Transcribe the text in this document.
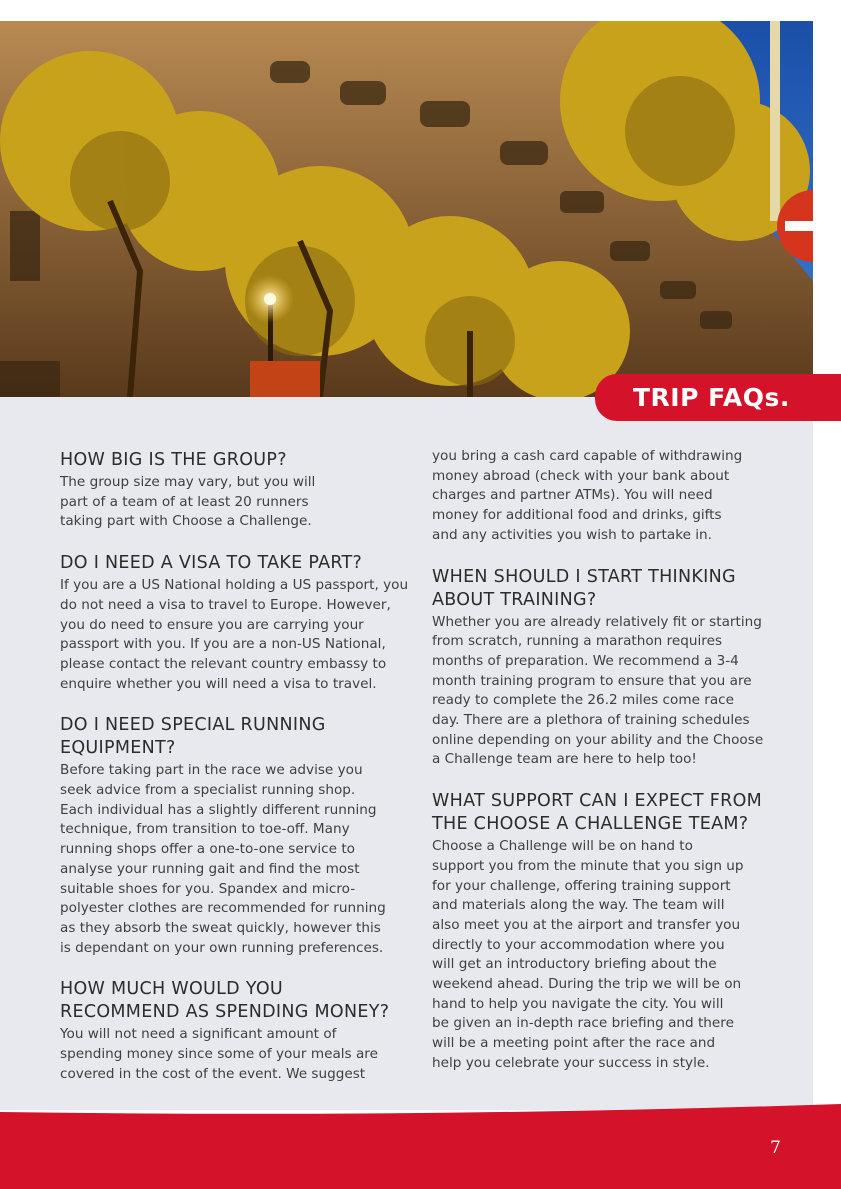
TRIP FAQs.
HOW BIG IS THE GROUP?

The group size may vary, but you will
part of a team of at least 20 runners
taking part with Choose a Challenge.

DO I NEED A VISA TO TAKE PART?

If you are a US National holding a US passport, you
do not need a visa to travel to Europe. However,
you do need to ensure you are carrying your
passport with you. If you are a non-US National,
please contact the relevant country embassy to
enquire whether you will need a visa to travel.

DO I NEED SPECIAL RUNNING
EQUIPMENT?

Before taking part in the race we advise you
seek advice from a specialist running shop.
Each individual has a slightly different running
technique, from transition to toe-off. Many
running shops offer a one-to-one service to
analyse your running gait and find the most
suitable shoes for you. Spandex and micro-
polyester clothes are recommended for running
as they absorb the sweat quickly, however this
is dependant on your own running preferences.

HOW MUCH WOULD YOU
RECOMMEND AS SPENDING MONEY?

You will not need a significant amount of
spending money since some of your meals are
covered in the cost of the event. We suggest

you bring a cash card capable of withdrawing
money abroad (check with your bank about
charges and partner ATMs). You will need
money for additional food and drinks, gifts
and any activities you wish to partake in.

WHEN SHOULD I START THINKING
ABOUT TRAINING?

Whether you are already relatively fit or starting
from scratch, running a marathon requires
months of preparation. We recommend a 3-4
month training program to ensure that you are
ready to complete the 26.2 miles come race
day. There are a plethora of training schedules
online depending on your ability and the Choose
a Challenge team are here to help too!

WHAT SUPPORT CAN I EXPECT FROM
THE CHOOSE A CHALLENGE TEAM?

Choose a Challenge will be on hand to
support you from the minute that you sign up
for your challenge, offering training support
and materials along the way. The team will
also meet you at the airport and transfer you
directly to your accommodation where you
will get an introductory briefing about the
weekend ahead. During the trip we will be on
hand to help you navigate the city. You will
be given an in-depth race briefing and there
will be a meeting point after the race and
help you celebrate your success in style.

7
